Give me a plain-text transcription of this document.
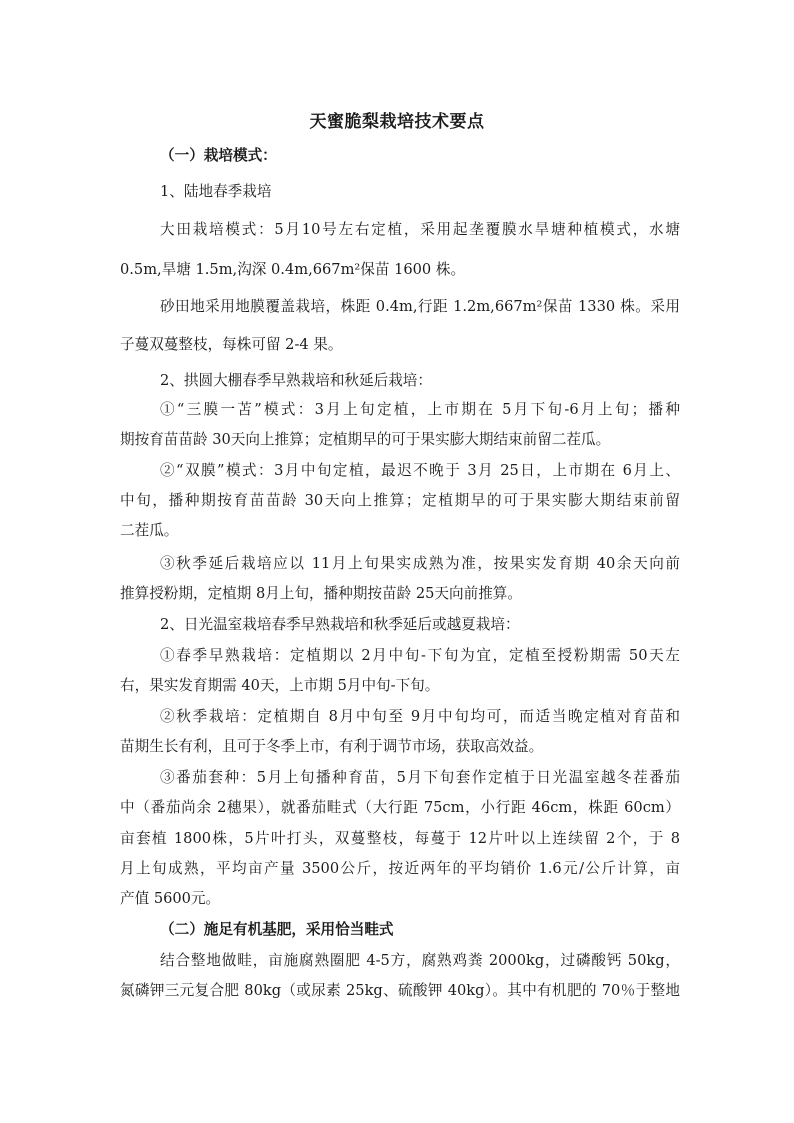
天蜜脆梨栽培技术要点
（一）栽培模式：
1、陆地春季栽培
大田栽培模式：5月10号左右定植，采用起垄覆膜水旱塘种植模式，水塘
0.5m,旱塘 1.5m,沟深 0.4m,667m²保苗 1600 株。
砂田地采用地膜覆盖栽培，株距 0.4m,行距 1.2m,667m²保苗 1330 株。采用
子蔓双蔓整枝，每株可留 2-4 果。
2、拱圆大棚春季早熟栽培和秋延后栽培：
①“三膜一苫”模式：3月上旬定植，上市期在 5月下旬-6月上旬；播种
期按育苗苗龄 30天向上推算；定植期早的可于果实膨大期结束前留二茬瓜。
②“双膜”模式：3月中旬定植，最迟不晚于 3月 25日，上市期在 6月上、
中旬，播种期按育苗苗龄 30天向上推算；定植期早的可于果实膨大期结束前留
二茬瓜。
③秋季延后栽培应以 11月上旬果实成熟为准，按果实发育期 40余天向前
推算授粉期，定植期 8月上旬，播种期按苗龄 25天向前推算。
2、日光温室栽培春季早熟栽培和秋季延后或越夏栽培：
①春季早熟栽培：定植期以 2月中旬-下旬为宜，定植至授粉期需 50天左
右，果实发育期需 40天，上市期 5月中旬-下旬。
②秋季栽培：定植期自 8月中旬至 9月中旬均可，而适当晚定植对育苗和
苗期生长有利，且可于冬季上市，有利于调节市场，获取高效益。
③番茄套种：5月上旬播种育苗，5月下旬套作定植于日光温室越冬茬番茄
中（番茄尚余 2穗果），就番茄畦式（大行距 75cm，小行距 46cm，株距 60cm）
亩套植 1800株，5片叶打头，双蔓整枝，每蔓于 12片叶以上连续留 2个，于 8
月上旬成熟，平均亩产量 3500公斤，按近两年的平均销价 1.6元/公斤计算，亩
产值 5600元。
（二）施足有机基肥，采用恰当畦式
结合整地做畦，亩施腐熟圈肥 4-5方，腐熟鸡粪 2000kg，过磷酸钙 50kg，
氮磷钾三元复合肥 80kg（或尿素 25kg、硫酸钾 40kg）。其中有机肥的 70％于整地
